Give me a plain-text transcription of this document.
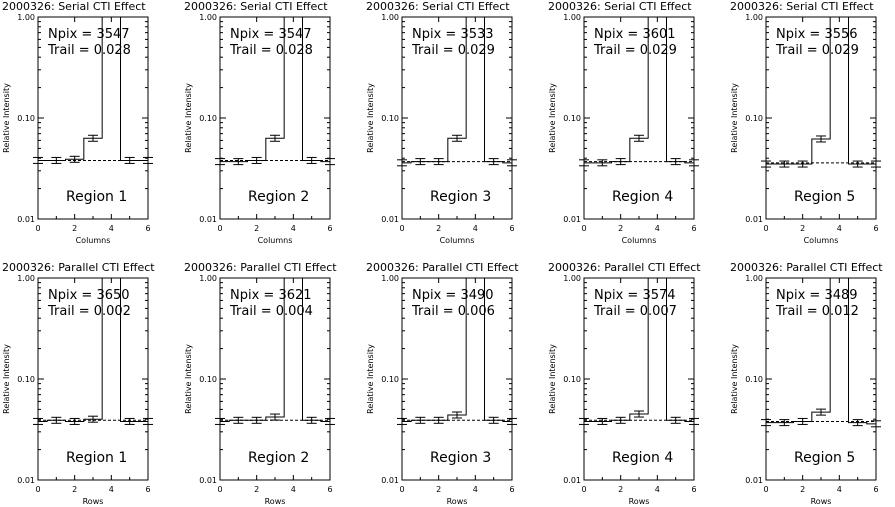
2000326: Serial CTI Effect
0	2	4	6
0.01
0.10
1.00
Columns
Relative Intensity
Npix = 3547
Trail = 0.028
Region 1
2000326: Serial CTI Effect
0	2	4	6
0.01
0.10
1.00
Columns
Relative Intensity
Npix = 3547
Trail = 0.028
Region 2
2000326: Serial CTI Effect
0	2	4	6
0.01
0.10
1.00
Columns
Relative Intensity
Npix = 3533
Trail = 0.029
Region 3
2000326: Serial CTI Effect
0	2	4	6
0.01
0.10
1.00
Columns
Relative Intensity
Npix = 3601
Trail = 0.029
Region 4
2000326: Serial CTI Effect
0	2	4	6
0.01
0.10
1.00
Columns
Relative Intensity
Npix = 3556
Trail = 0.029
Region 5
2000326: Parallel CTI Effect
0	2	4	6
0.01
0.10
1.00
Rows
Relative Intensity
Npix = 3650
Trail = 0.002
Region 1
2000326: Parallel CTI Effect
0	2	4	6
0.01
0.10
1.00
Rows
Relative Intensity
Npix = 3621
Trail = 0.004
Region 2
2000326: Parallel CTI Effect
0	2	4	6
0.01
0.10
1.00
Rows
Relative Intensity
Npix = 3490
Trail = 0.006
Region 3
2000326: Parallel CTI Effect
0	2	4	6
0.01
0.10
1.00
Rows
Relative Intensity
Npix = 3574
Trail = 0.007
Region 4
2000326: Parallel CTI Effect
0	2	4	6
0.01
0.10
1.00
Rows
Relative Intensity
Npix = 3489
Trail = 0.012
Region 5
